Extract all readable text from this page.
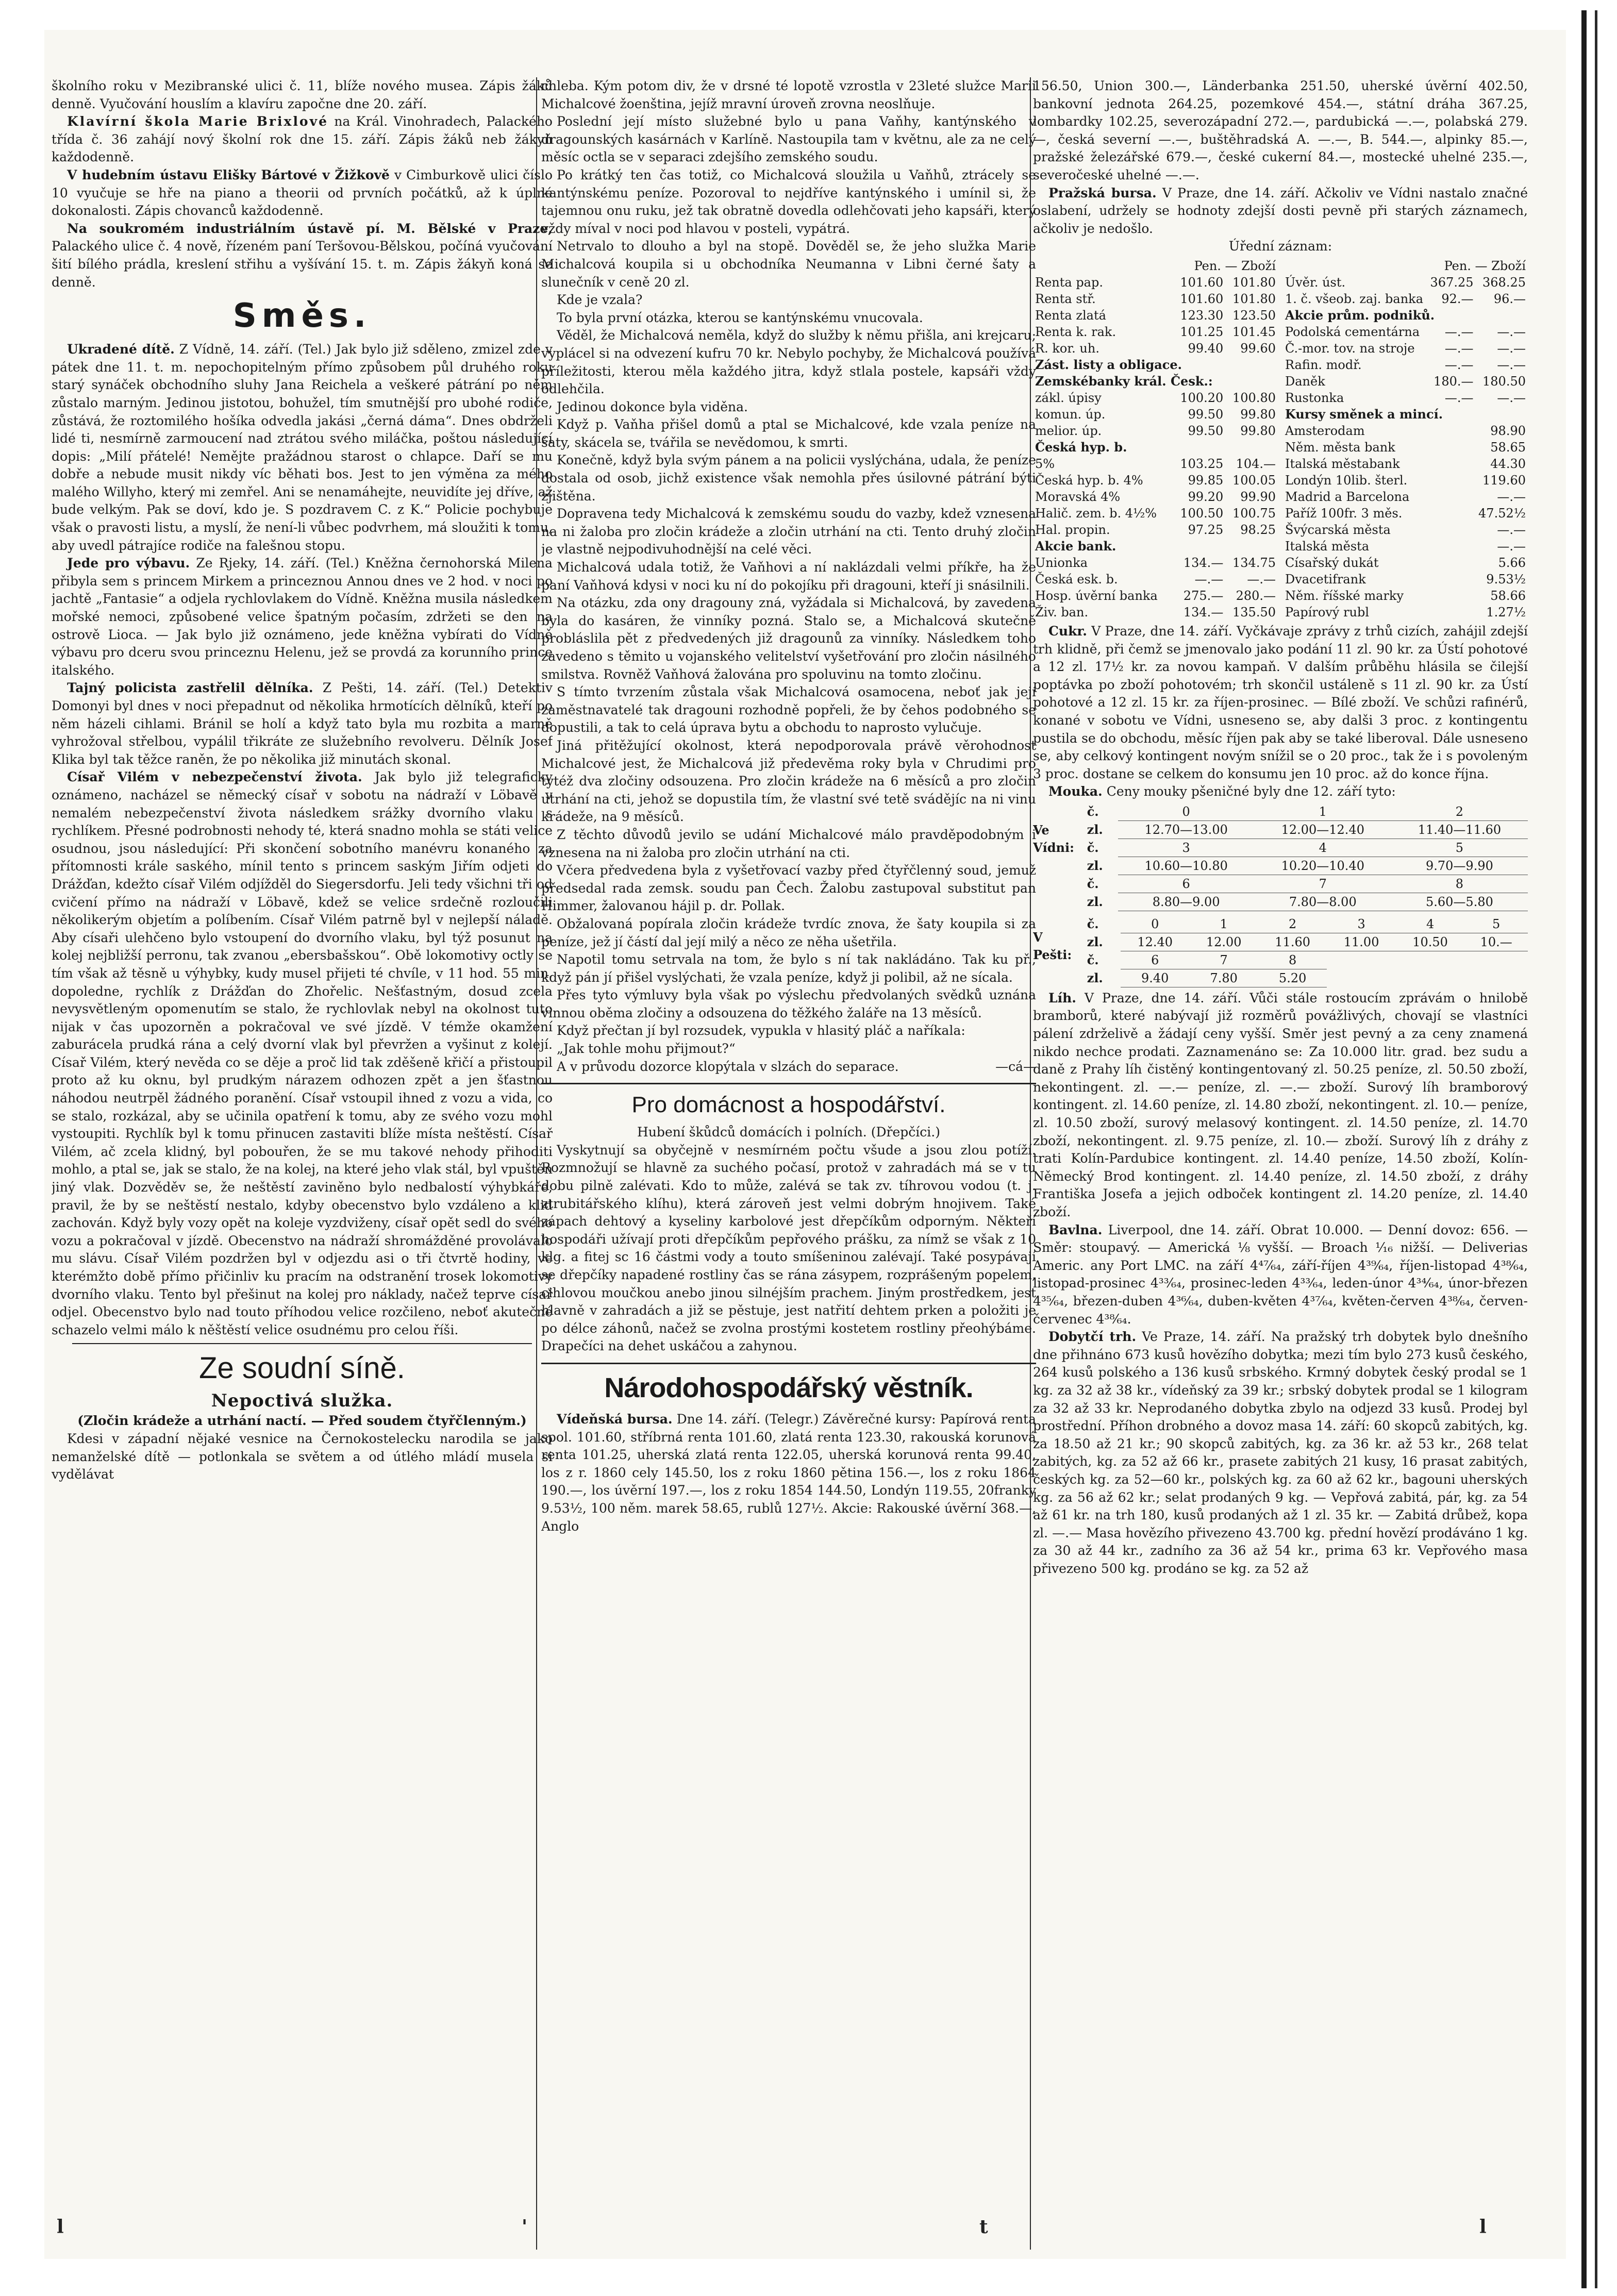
školního roku v Mezibranské ulici č. 11, blíže nového musea. Zápis žáků denně. Vyučování houslím a klavíru započne dne 20. září.

Klavírní škola Marie Brixlové na Král. Vinohradech, Palackého třída č. 36 zahájí nový školní rok dne 15. září. Zápis žáků neb žákyň každodenně.

V hudebním ústavu Elišky Bártové v Žižkově v Cimburkově ulici číslo 10 vyučuje se hře na piano a theorii od prvních počátků, až k úplné dokonalosti. Zápis chovanců každodenně.

Na soukromém industriálním ústavě pí. M. Bělské v Praze, Palackého ulice č. 4 nově, řízeném paní Teršovou-Bělskou, počíná vyučování šití bílého prádla, kreslení střihu a vyšívání 15. t. m. Zápis žákyň koná se denně.

Směs.

Ukradené dítě. Z Vídně, 14. září. (Tel.) Jak bylo již sděleno, zmizel zde v pátek dne 11. t. m. nepochopitelným přímo způsobem půl druhého roku starý synáček obchodního sluhy Jana Reichela a veškeré pátrání po něm zůstalo marným. Jedinou jistotou, bohužel, tím smutnější pro ubohé rodiče, zůstává, že roztomilého hošíka odvedla jakási „černá dáma“. Dnes obdrželi lidé ti, nesmírně zarmoucení nad ztrátou svého miláčka, poštou následující dopis: „Milí přátelé! Nemějte pražádnou starost o chlapce. Daří se mu dobře a nebude musit nikdy víc běhati bos. Jest to jen výměna za mého malého Willyho, který mi zemřel. Ani se nenamáhejte, neuvidíte jej dříve, až bude velkým. Pak se doví, kdo je. S pozdravem C. z K.“ Policie pochybuje však o pravosti listu, a myslí, že není-li vůbec podvrhem, má sloužiti k tomu, aby uvedl pátrajíce rodiče na falešnou stopu.

Jede pro výbavu. Ze Rjeky, 14. září. (Tel.) Kněžna černohorská Milena přibyla sem s princem Mirkem a princeznou Annou dnes ve 2 hod. v noci po jachtě „Fantasie“ a odjela rychlovlakem do Vídně. Kněžna musila následkem mořské nemoci, způsobené velice špatným počasím, zdržeti se den na ostrově Lioca. — Jak bylo již oznámeno, jede kněžna vybírati do Vídně výbavu pro dceru svou princeznu Helenu, jež se provdá za korunního prince italského.

Tajný policista zastřelil dělníka. Z Pešti, 14. září. (Tel.) Detektiv Domonyi byl dnes v noci přepadnut od několika hrmotících dělníků, kteří po něm házeli cihlami. Bránil se holí a když tato byla mu rozbita a marně vyhrožoval střelbou, vypálil třikráte ze služebního revolveru. Dělník Josef Klika byl tak těžce raněn, že po několika již minutách skonal.

Císař Vilém v nebezpečenství života. Jak bylo již telegraficky oznámeno, nacházel se německý císař v sobotu na nádraží v Löbavě v nemalém nebezpečenství života následkem srážky dvorního vlaku s rychlíkem. Přesné podrobnosti nehody té, která snadno mohla se státi velice osudnou, jsou následující: Při skončení sobotního manévru konaného za přítomnosti krále saského, mínil tento s princem saským Jiřím odjeti do Drážďan, kdežto císař Vilém odjížděl do Siegersdorfu. Jeli tedy všichni tři od cvičení přímo na nádraží v Löbavě, kdež se velice srdečně rozloučili několikerým objetím a políbením. Císař Vilém patrně byl v nejlepší náladě. Aby císaři ulehčeno bylo vstoupení do dvorního vlaku, byl týž posunut na kolej nejbližší perronu, tak zvanou „ebersbašskou“. Obě lokomotivy octly se tím však až těsně u výhybky, kudy musel přijeti té chvíle, v 11 hod. 55 min. dopoledne, rychlík z Drážďan do Zhořelic. Nešťastným, dosud zcela nevysvětleným opomenutím se stalo, že rychlovlak nebyl na okolnost tuto nijak v čas upozorněn a pokračoval ve své jízdě. V témže okamžení zaburácela prudká rána a celý dvorní vlak byl převržen a vyšinut z kolejí. Císař Vilém, který nevěda co se děje a proč lid tak zděšeně křičí a přistoupil proto až ku oknu, byl prudkým nárazem odhozen zpět a jen šťastnou náhodou neutrpěl žádného poranění. Císař vstoupil ihned z vozu a vida, co se stalo, rozkázal, aby se učinila opatření k tomu, aby ze svého vozu mohl vystoupiti. Rychlík byl k tomu přinucen zastaviti blíže místa neštěstí. Císař Vilém, ač zcela klidný, byl pobouřen, že se mu takové nehody přihoditi mohlo, a ptal se, jak se stalo, že na kolej, na které jeho vlak stál, byl vpuštěn jiný vlak. Dozvěděv se, že neštěstí zaviněno bylo nedbalostí výhybkáře, pravil, že by se neštěstí nestalo, kdyby obecenstvo bylo vzdáleno a klid zachován. Když byly vozy opět na koleje vyzdviženy, císař opět sedl do svého vozu a pokračoval v jízdě. Obecenstvo na nádraží shromážděné provolávalo mu slávu. Císař Vilém pozdržen byl v odjezdu asi o tři čtvrtě hodiny, ve kterémžto době přímo přičinliv ku pracím na odstranění trosek lokomotivy dvorního vlaku. Tento byl přešinut na kolej pro náklady, načež teprve císař odjel. Obecenstvo bylo nad touto příhodou velice rozčileno, neboť akutečné schazelo velmi málo k něštěstí velice osudnému pro celou říši.

Ze soudní síně.
Nepoctivá služka.

(Zločin krádeže a utrhání nactí. — Před soudem čtyřčlenným.)

Kdesi v západní nějaké vesnice na Černokostelecku narodila se jako nemanželské dítě — potlonkala se světem a od útlého mládí musela si vydělávat

chleba. Kým potom div, že v drsné té lopotě vzrostla v 23leté služce Marii Michalcové žoenština, jejíž mravní úroveň zrovna neoslňuje.

Poslední její místo služebné bylo u pana Vaňhy, kantýnského v dragounských kasárnách v Karlíně. Nastoupila tam v květnu, ale za ne celý měsíc octla se v separaci zdejšího zemského soudu.

Po krátký ten čas totiž, co Michalcová sloužila u Vaňhů, ztrácely se kantýnskému peníze. Pozoroval to nejdříve kantýnského i umínil si, že tajemnou onu ruku, jež tak obratně dovedla odlehčovati jeho kapsáři, který vždy míval v noci pod hlavou v posteli, vypátrá.

Netrvalo to dlouho a byl na stopě. Dověděl se, že jeho služka Marie Michalcová koupila si u obchodníka Neumanna v Libni černé šaty a slunečník v ceně 20 zl.

Kde je vzala?

To byla první otázka, kterou se kantýnskému vnucovala.

Věděl, že Michalcová neměla, když do služby k němu přišla, ani krejcaru; vyplácel si na odvezení kufru 70 kr. Nebylo pochyby, že Michalcová používá příležitosti, kterou měla každého jitra, když stlala postele, kapsáři vždy odlehčila.

Jedinou dokonce byla viděna.

Když p. Vaňha přišel domů a ptal se Michalcové, kde vzala peníze na šaty, skácela se, tvářila se nevědomou, k smrti.

Konečně, když byla svým pánem a na policii vyslýchána, udala, že peníze dostala od osob, jichž existence však nemohla přes úsilovné pátrání býti zjištěna.

Dopravena tedy Michalcová k zemskému soudu do vazby, kdež vznesena na ni žaloba pro zločin krádeže a zločin utrhání na cti. Tento druhý zločin je vlastně nejpodivuhodnější na celé věci.

Michalcová udala totiž, že Vaňhovi a ní naklázdali velmi příkře, ha že paní Vaňhová kdysi v noci ku ní do pokojíku při dragouni, kteří ji snásilnili.

Na otázku, zda ony dragouny zná, vyžádala si Michalcová, by zavedena byla do kasáren, že vinníky pozná. Stalo se, a Michalcová skutečně probláslila pět z předvedených již dragounů za vinníky. Následkem toho zavedeno s těmito u vojanského velitelství vyšetřování pro zločin násilného smilstva. Rovněž Vaňhová žalována pro spoluvinu na tomto zločinu.

S tímto tvrzením zůstala však Michalcová osamocena, neboť jak její zaměstnavatelé tak dragouni rozhodně popřeli, že by čehos podobného se dopustili, a tak to celá úprava bytu a obchodu to naprosto vylučuje.

Jiná přitěžující okolnost, která nepodporovala právě věrohodnost Michalcové jest, že Michalcová již předevěma roky byla v Chrudimi pro tytéž dva zločiny odsouzena. Pro zločin krádeže na 6 měsíců a pro zločin utrhání na cti, jehož se dopustila tím, že vlastní své tetě svádějíc na ni vinu krádeže, na 9 měsíců.

Z těchto důvodů jevilo se udání Michalcové málo pravděpodobným i vznesena na ni žaloba pro zločin utrhání na cti.

Včera předvedena byla z vyšetřovací vazby před čtyřčlenný soud, jemuž předsedal rada zemsk. soudu pan Čech. Žalobu zastupoval substitut pan Himmer, žalovanou hájil p. dr. Pollak.

Obžalovaná popírala zločin krádeže tvrdíc znova, že šaty koupila si za peníze, jež jí částí dal její milý a něco ze něha ušetřila.

Napotil tomu setrvala na tom, že bylo s ní tak nakládáno. Tak ku př., když pán jí přišel vyslýchati, že vzala peníze, když ji polibil, až ne sícala.

Přes tyto výmluvy byla však po výslechu předvolaných svědků uznána vinnou oběma zločiny a odsouzena do těžkého žaláře na 13 měsíců.

Když přečtan jí byl rozsudek, vypukla v hlasitý pláč a naříkala:

„Jak tohle mohu přijmout?“

A v průvodu dozorce klopýtala v slzách do separace.	—cá—

Pro domácnost a hospodářství.

Hubení škůdců domácích i polních. (Dřepčíci.)

Vyskytnují sa obyčejně v nesmírném počtu všude a jsou zlou potíží. Rozmnožují se hlavně za suchého počasí, protož v zahradách má se v tu dobu pilně zalévati. Kdo to může, zalévá se tak zv. tíhrovou vodou (t. j. ztrubitářského klíhu), která zároveň jest velmi dobrým hnojivem. Také zápach dehtový a kyseliny karbolové jest dřepčíkům odporným. Někteří hospodáři užívají proti dřepčíkům pepřového prášku, za nímž se však z 10 klg. a fitej sc 16 částmi vody a touto smíšeninou zalévají. Také posypávají se dřepčíky napadené rostliny čas se rána zásypem, rozprášeným popelem, cihlovou moučkou anebo jinou silnéjším prachem. Jiným prostředkem, jest hlavně v zahradách a již se pěstuje, jest natřití dehtem prken a položiti je po délce záhonů, načež se zvolna prostými kostetem rostliny přeohýbáme. Drapečíci na dehet uskáčou a zahynou.

Národohospodářský věstník.

Vídeňská bursa. Dne 14. září. (Telegr.) Závěrečné kursy: Papírová renta spol. 101.60, stříbrná renta 101.60, zlatá renta 123.30, rakouská korunová renta 101.25, uherská zlatá renta 122.05, uherská korunová renta 99.40, los z r. 1860 cely 145.50, los z roku 1860 pětina 156.—, los z roku 1864 190.—, los úvěrní 197.—, los z roku 1854 144.50, Londýn 119.55, 20franky 9.53½, 100 něm. marek 58.65, rublů 127½. Akcie: Rakouské úvěrní 368.—, Anglo

156.50, Union 300.—, Länderbanka 251.50, uherské úvěrní 402.50, bankovní jednota 264.25, pozemkové 454.—, státní dráha 367.25, lombardky 102.25, severozápadní 272.—, pardubická —.—, polabská 279.—, česká severní —.—, buštěhradská A. —.—, B. 544.—, alpinky 85.—, pražské železářské 679.—, české cukerní 84.—, mostecké uhelné 235.—, severočeské uhelné —.—.

Pražská bursa. V Praze, dne 14. září. Ačkoliv ve Vídni nastalo značné oslabení, udržely se hodnoty zdejší dosti pevně při starých záznamech, ačkoliv je nedošlo.

Úřední záznam:

	Pen. — Zboží	
Renta pap.	101.60	101.80
Renta stř.	101.60	101.80
Renta zlatá	123.30	123.50
Renta k. rak.	101.25	101.45
R. kor. uh.	99.40	99.60
Zást. listy a obligace.		
Zemskébanky král. Česk.:		
zákl. úpisy	100.20	100.80
komun. úp.	99.50	99.80
melior. úp.	99.50	99.80
Česká hyp. b.		
5%	103.25	104.—
Česká hyp. b. 4%	99.85	100.05
Moravská 4%	99.20	99.90
Halič. zem. b. 4½%	100.50	100.75
Hal. propin.	97.25	98.25
Akcie bank.		
Unionka	134.—	134.75
Česká esk. b.	—.—	—.—
Hosp. úvěrní banka	275.—	280.—
Živ. ban.	134.—	135.50
	Pen. — Zboží	
Úvěr. úst.	367.25	368.25
1. č. všeob. zaj. banka	92.—	96.—
Akcie prům. podniků.		
Podolská cementárna	—.—	—.—
Č.-mor. tov. na stroje	—.—	—.—
Rafin. modř.	—.—	—.—
Daněk	180.—	180.50
Rustonka	—.—	—.—
Kursy směnek a mincí.		
Amsterodam		98.90
Něm. města bank		58.65
Italská městabank		44.30
Londýn 10lib. šterl.		119.60
Madrid a Barcelona		—.—
Paříž 100fr. 3 měs.		47.52½
Švýcarská města		—.—
Italská města		—.—
Císařský dukát		5.66
Dvacetifrank		9.53½
Něm. říšské marky		58.66
Papírový rubl		1.27½

Cukr. V Praze, dne 14. září. Vyčkávaje zprávy z trhů cizích, zahájil zdejší trh klidně, při čemž se jmenovalo jako podání 11 zl. 90 kr. za Ústí pohotové a 12 zl. 17½ kr. za novou kampaň. V dalším průběhu hlásila se čilejší poptávka po zboží pohotovém; trh skončil ustáleně s 11 zl. 90 kr. za Ústí pohotové a 12 zl. 15 kr. za říjen-prosinec. — Bílé zboží. Ve schůzi rafinérů, konané v sobotu ve Vídni, usneseno se, aby dalši 3 proc. z kontingentu pustila se do obchodu, měsíc říjen pak aby se také liberoval. Dále usneseno se, aby celkový kontingent novým snížil se o 20 proc., tak že i s povoleným 3 proc. dostane se celkem do konsumu jen 10 proc. až do konce října.

Mouka. Ceny mouky pšeničné byly dne 12. září tyto:

Ve Vídni:
č.	0	1	2
zl.	12.70—13.00	12.00—12.40	11.40—11.60
č.	3	4	5
zl.	10.60—10.80	10.20—10.40	9.70—9.90
č.	6	7	8
zl.	8.80—9.00	7.80—8.00	5.60—5.80
V Pešti:
č.	0	1	2	3	4	5
zl.	12.40	12.00	11.60	11.00	10.50	10.—
č.	6	7	8			
zl.	9.40	7.80	5.20			

Líh. V Praze, dne 14. září. Vůči stále rostoucím zprávám o hnilobě bramborů, které nabývají již rozměrů povážlivých, chovají se vlastníci pálení zdrželivě a žádají ceny vyšší. Směr jest pevný a za ceny znamená nikdo nechce prodati. Zaznamenáno se: Za 10.000 litr. grad. bez sudu a daně z Prahy líh čistěný kontingentovaný zl. 50.25 peníze, zl. 50.50 zboží, nekontingent. zl. —.— peníze, zl. —.— zboží. Surový líh bramborový kontingent. zl. 14.60 peníze, zl. 14.80 zboží, nekontingent. zl. 10.— peníze, zl. 10.50 zboží, surový melasový kontingent. zl. 14.50 peníze, zl. 14.70 zboží, nekontingent. zl. 9.75 peníze, zl. 10.— zboží. Surový líh z dráhy z trati Kolín-Pardubice kontingent. zl. 14.40 peníze, 14.50 zboží, Kolín-Německý Brod kontingent. zl. 14.40 peníze, zl. 14.50 zboží, z dráhy Františka Josefa a jejich odboček kontingent zl. 14.20 peníze, zl. 14.40 zboží.

Bavlna. Liverpool, dne 14. září. Obrat 10.000. — Denní dovoz: 656. — Směr: stoupavý. — Americká ⅛ vyšší. — Broach ⅟₁₆ nižší. — Deliverias Americ. any Port LMC. na září 4⁴⁷⁄₆₄, září-říjen 4³⁹⁄₆₄, říjen-listopad 4³⁸⁄₆₄, listopad-prosinec 4³³⁄₆₄, prosinec-leden 4³³⁄₆₄, leden-únor 4³⁴⁄₆₄, únor-březen 4³⁵⁄₆₄, březen-duben 4³⁶⁄₆₄, duben-květen 4³⁷⁄₆₄, květen-červen 4³⁸⁄₆₄, červen-červenec 4³⁸⁄₆₄.

Dobytčí trh. Ve Praze, 14. září. Na pražský trh dobytek bylo dnešního dne přihnáno 673 kusů hovězího dobytka; mezi tím bylo 273 kusů českého, 264 kusů polského a 136 kusů srbského. Krmný dobytek český prodal se 1 kg. za 32 až 38 kr., vídeňský za 39 kr.; srbský dobytek prodal se 1 kilogram za 32 až 33 kr. Neprodaného dobytka zbylo na odjezd 33 kusů. Prodej byl prostřední. Příhon drobného a dovoz masa 14. září: 60 skopců zabitých, kg. za 18.50 až 21 kr.; 90 skopců zabitých, kg. za 36 kr. až 53 kr., 268 telat zabitých, kg. za 52 až 66 kr., prasete zabitých 21 kusy, 16 prasat zabitých, českých kg. za 52—60 kr., polských kg. za 60 až 62 kr., bagouni uherských kg. za 56 až 62 kr.; selat prodaných 9 kg. — Vepřová zabitá, pár, kg. za 54 až 61 kr. na trh 180, kusů prodaných až 1 zl. 35 kr. — Zabitá drůbež, kopa zl. —.— Masa hovězího přivezeno 43.700 kg. přední hovězí prodáváno 1 kg. za 30 až 44 kr., zadního za 36 až 54 kr., prima 63 kr. Vepřového masa přivezeno 500 kg. prodáno se kg. za 52 až

l	'	t	l
